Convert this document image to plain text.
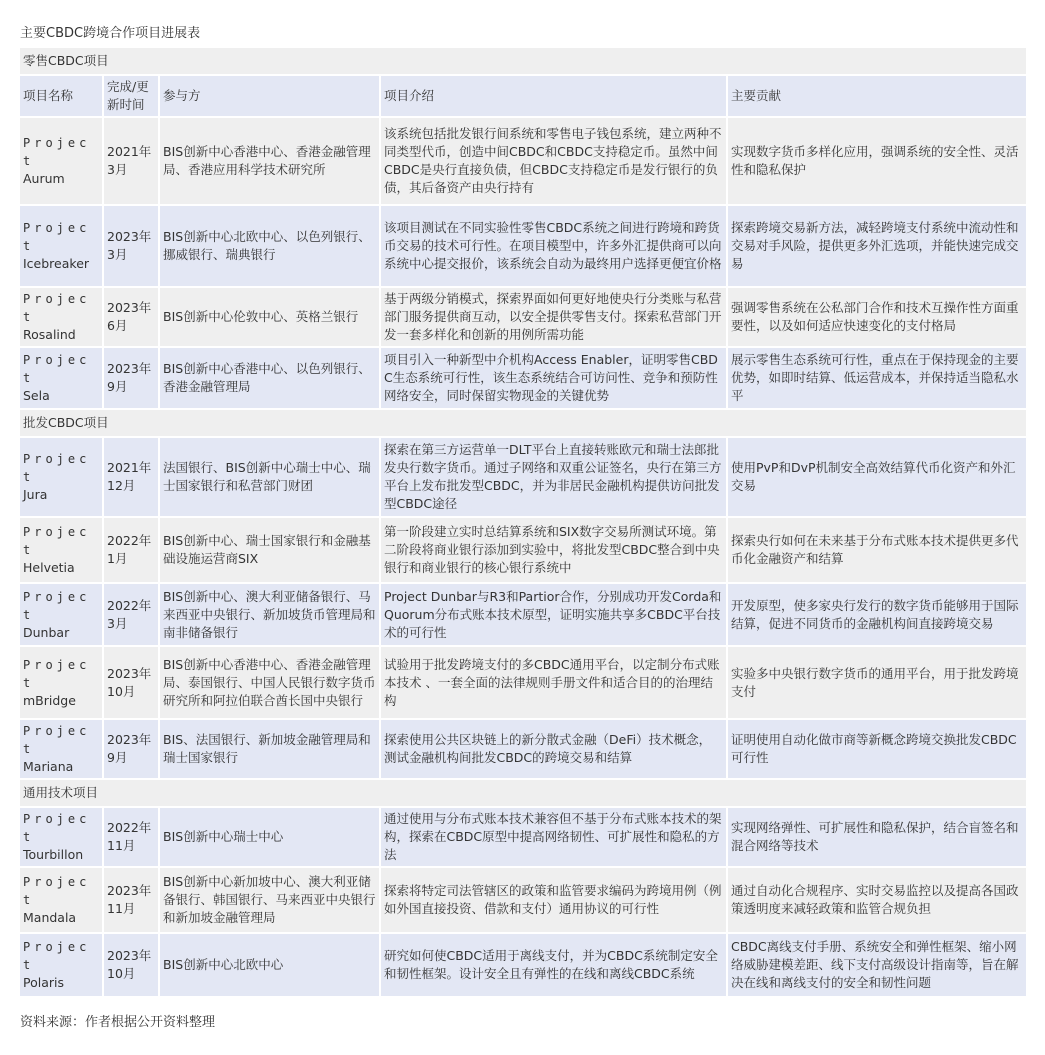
主要CBDC跨境合作项目进展表
零售CBDC项目				
项目名称	完成/更新时间	参与方	项目介绍	主要贡献
Project
Aurum	2021年3月	BIS创新中心香港中心、香港金融管理局、香港应用科学技术研究所	该系统包括批发银行间系统和零售电子钱包系统，建立两种不同类型代币，创造中间CBDC和CBDC支持稳定币。虽然中间CBDC是央行直接负债，但CBDC支持稳定币是发行银行的负债，其后备资产由央行持有	实现数字货币多样化应用，强调系统的安全性、灵活性和隐私保护
Project
Icebreaker	2023年3月	BIS创新中心北欧中心、以色列银行、挪威银行、瑞典银行	该项目测试在不同实验性零售CBDC系统之间进行跨境和跨货币交易的技术可行性。在项目模型中，许多外汇提供商可以向系统中心提交报价，该系统会自动为最终用户选择更便宜价格	探索跨境交易新方法，减轻跨境支付系统中流动性和交易对手风险，提供更多外汇选项，并能快速完成交易
Project
Rosalind	2023年6月	BIS创新中心伦敦中心、英格兰银行	基于两级分销模式，探索界面如何更好地使央行分类账与私营部门服务提供商互动，以安全提供零售支付。探索私营部门开发一套多样化和创新的用例所需功能	强调零售系统在公私部门合作和技术互操作性方面重要性，以及如何适应快速变化的支付格局
Project
Sela	2023年9月	BIS创新中心香港中心、以色列银行、香港金融管理局	项目引入一种新型中介机构Access Enabler，证明零售CBDC生态系统可行性，该生态系统结合可访问性、竞争和预防性网络安全，同时保留实物现金的关键优势	展示零售生态系统可行性，重点在于保持现金的主要优势，如即时结算、低运营成本，并保持适当隐私水平
批发CBDC项目				
Project
Jura	2021年12月	法国银行、BIS创新中心瑞士中心、瑞士国家银行和私营部门财团	探索在第三方运营单一DLT平台上直接转账欧元和瑞士法郎批发央行数字货币。通过子网络和双重公证签名，央行在第三方平台上发布批发型CBDC，并为非居民金融机构提供访问批发型CBDC途径	使用PvP和DvP机制安全高效结算代币化资产和外汇交易
Project
Helvetia	2022年1月	BIS创新中心、瑞士国家银行和金融基础设施运营商SIX	第一阶段建立实时总结算系统和SIX数字交易所测试环境。第二阶段将商业银行添加到实验中，将批发型CBDC整合到中央银行和商业银行的核心银行系统中	探索央行如何在未来基于分布式账本技术提供更多代币化金融资产和结算
Project
Dunbar	2022年3月	BIS创新中心、澳大利亚储备银行、马来西亚中央银行、新加坡货币管理局和南非储备银行	Project Dunbar与R3和Partior合作，分别成功开发Corda和Quorum分布式账本技术原型，证明实施共享多CBDC平台技术的可行性	开发原型，使多家央行发行的数字货币能够用于国际结算，促进不同货币的金融机构间直接跨境交易
Project
mBridge	2023年10月	BIS创新中心香港中心、香港金融管理局、泰国银行、中国人民银行数字货币研究所和阿拉伯联合酋长国中央银行	试验用于批发跨境支付的多CBDC通用平台，以定制分布式账本技术 、一套全面的法律规则手册文件和适合目的的治理结构	实验多中央银行数字货币的通用平台，用于批发跨境支付
Project
Mariana	2023年9月	BIS、法国银行、新加坡金融管理局和瑞士国家银行	探索使用公共区块链上的新分散式金融（DeFi）技术概念，测试金融机构间批发CBDC的跨境交易和结算	证明使用自动化做市商等新概念跨境交换批发CBDC可行性
通用技术项目				
Project
Tourbillon	2022年11月	BIS创新中心瑞士中心	通过使用与分布式账本技术兼容但不基于分布式账本技术的架构，探索在CBDC原型中提高网络韧性、可扩展性和隐私的方法	实现网络弹性、可扩展性和隐私保护，结合盲签名和混合网络等技术
Project
Mandala	2023年11月	BIS创新中心新加坡中心、澳大利亚储备银行、韩国银行、马来西亚中央银行和新加坡金融管理局	探索将特定司法管辖区的政策和监管要求编码为跨境用例（例如外国直接投资、借款和支付）通用协议的可行性	通过自动化合规程序、实时交易监控以及提高各国政策透明度来减轻政策和监管合规负担
Project
Polaris	2023年10月	BIS创新中心北欧中心	研究如何使CBDC适用于离线支付，并为CBDC系统制定安全和韧性框架。设计安全且有弹性的在线和离线CBDC系统	CBDC离线支付手册、系统安全和弹性框架、缩小网络威胁建模差距、线下支付高级设计指南等，旨在解决在线和离线支付的安全和韧性问题
资料来源：作者根据公开资料整理
